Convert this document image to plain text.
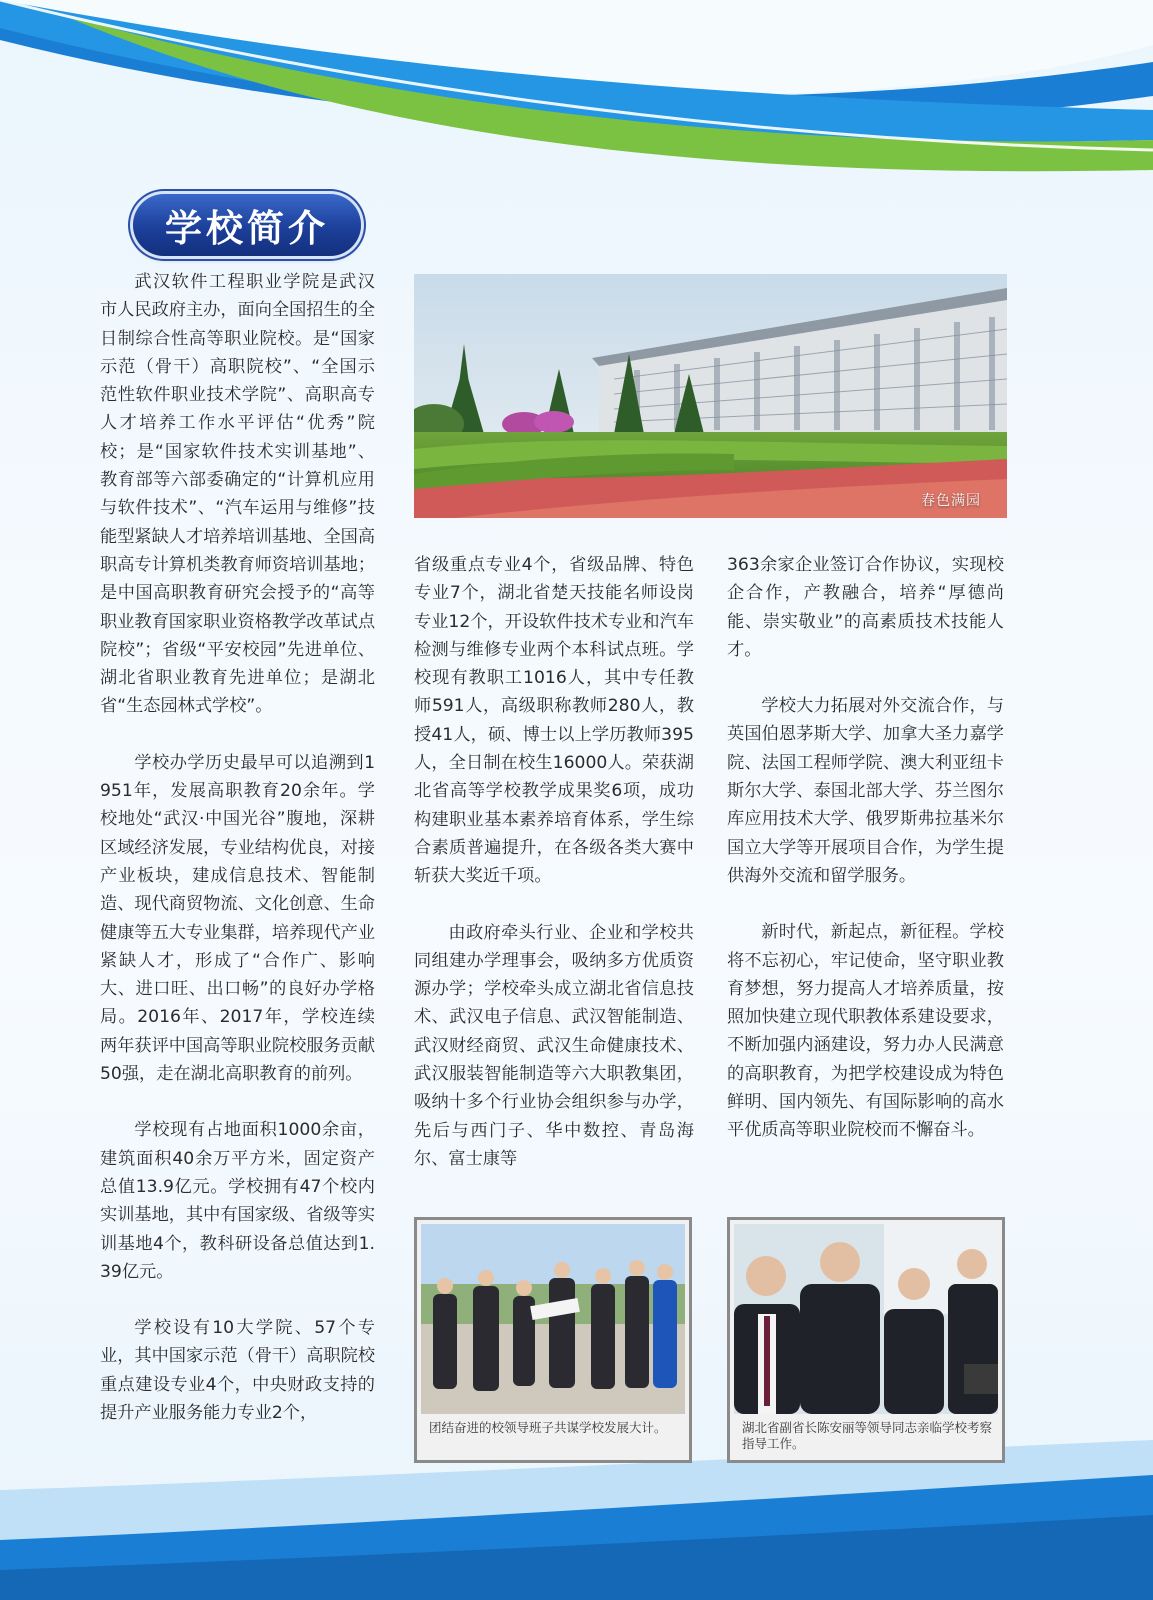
学校简介

武汉软件工程职业学院是武汉市人民政府主办，面向全国招生的全日制综合性高等职业院校。是“国家示范（骨干）高职院校”、“全国示范性软件职业技术学院”、高职高专人才培养工作水平评估“优秀”院校；是“国家软件技术实训基地”、教育部等六部委确定的“计算机应用与软件技术”、“汽车运用与维修”技能型紧缺人才培养培训基地、全国高职高专计算机类教育师资培训基地；是中国高职教育研究会授予的“高等职业教育国家职业资格教学改革试点院校”；省级“平安校园”先进单位、湖北省职业教育先进单位；是湖北省“生态园林式学校”。

学校办学历史最早可以追溯到1951年，发展高职教育20余年。学校地处“武汉·中国光谷”腹地，深耕区域经济发展，专业结构优良，对接产业板块，建成信息技术、智能制造、现代商贸物流、文化创意、生命健康等五大专业集群，培养现代产业紧缺人才，形成了“合作广、影响大、进口旺、出口畅”的良好办学格局。2016年、2017年，学校连续两年获评中国高等职业院校服务贡献50强，走在湖北高职教育的前列。

学校现有占地面积1000余亩，建筑面积40余万平方米，固定资产总值13.9亿元。学校拥有47个校内实训基地，其中有国家级、省级等实训基地4个，教科研设备总值达到1.39亿元。

学校设有10大学院、57个专业，其中国家示范（骨干）高职院校重点建设专业4个，中央财政支持的提升产业服务能力专业2个，

春色满园

省级重点专业4个，省级品牌、特色专业7个，湖北省楚天技能名师设岗专业12个，开设软件技术专业和汽车检测与维修专业两个本科试点班。学校现有教职工1016人，其中专任教师591人，高级职称教师280人，教授41人，硕、博士以上学历教师395人，全日制在校生16000人。荣获湖北省高等学校教学成果奖6项，成功构建职业基本素养培育体系，学生综合素质普遍提升，在各级各类大赛中斩获大奖近千项。

由政府牵头行业、企业和学校共同组建办学理事会，吸纳多方优质资源办学；学校牵头成立湖北省信息技术、武汉电子信息、武汉智能制造、武汉财经商贸、武汉生命健康技术、武汉服装智能制造等六大职教集团，吸纳十多个行业协会组织参与办学，先后与西门子、华中数控、青岛海尔、富士康等

363余家企业签订合作协议，实现校企合作，产教融合，培养“厚德尚能、崇实敬业”的高素质技术技能人才。

学校大力拓展对外交流合作，与英国伯恩茅斯大学、加拿大圣力嘉学院、法国工程师学院、澳大利亚纽卡斯尔大学、泰国北部大学、芬兰图尔库应用技术大学、俄罗斯弗拉基米尔国立大学等开展项目合作，为学生提供海外交流和留学服务。

新时代，新起点，新征程。学校将不忘初心，牢记使命，坚守职业教育梦想，努力提高人才培养质量，按照加快建立现代职教体系建设要求，不断加强内涵建设，努力办人民满意的高职教育，为把学校建设成为特色鲜明、国内领先、有国际影响的高水平优质高等职业院校而不懈奋斗。

团结奋进的校领导班子共谋学校发展大计。	湖北省副省长陈安丽等领导同志亲临学校考察指导工作。
